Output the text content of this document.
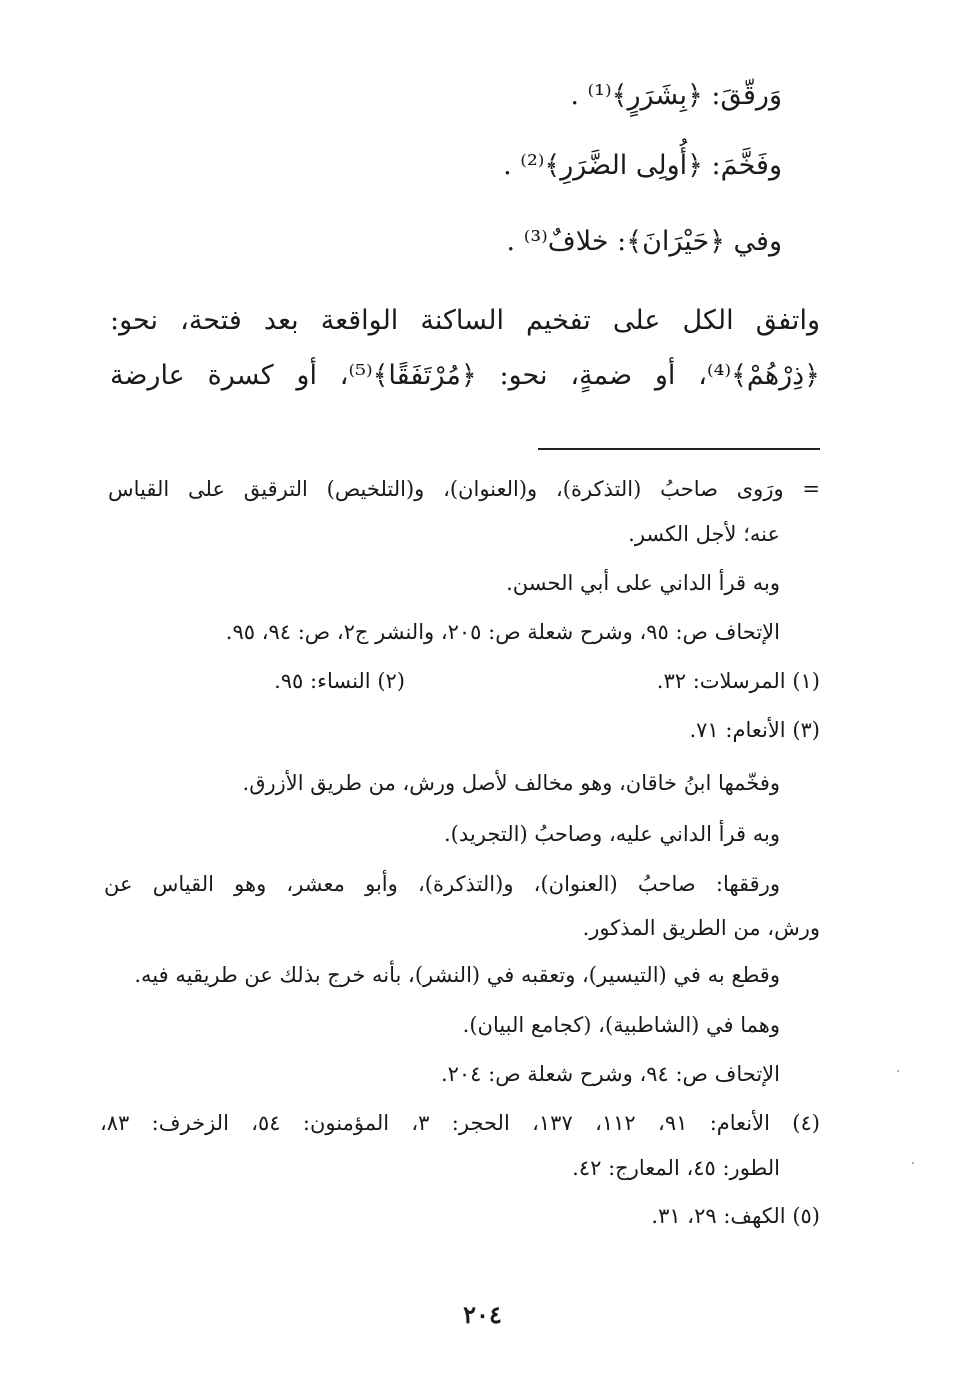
وَرقّقَ: ﴿بِشَرَرٍ﴾⁽¹⁾ .
وفَخَّمَ: ﴿أُولِى الضَّرَرِ﴾⁽²⁾ .
وفي ﴿حَيْرَانَ﴾: خلافٌ⁽³⁾ .
واتفق الكل على تفخيم الساكنة الواقعة بعد فتحة، نحو:
﴿ذِرْهُمْ﴾⁽⁴⁾، أو ضمةٍ، نحو: ﴿مُرْتَفَقًا﴾⁽⁵⁾، أو كسرة عارضة
= ورَوى صاحبُ (التذكرة)، و(العنوان)، و(التلخيص) الترقيق على القياس
عنه؛ لأجل الكسر.
وبه قرأ الداني على أبي الحسن.
الإتحاف ص: ٩٥، وشرح شعلة ص: ٢٠٥، والنشر ج٢، ص: ٩٤، ٩٥.
(١) المرسلات: ٣٢.
(٢) النساء: ٩٥.
(٣) الأنعام: ٧١.
وفخّمها ابنُ خاقان، وهو مخالف لأصل ورش، من طريق الأزرق.
وبه قرأ الداني عليه، وصاحبُ (التجريد).
ورققها: صاحبُ (العنوان)، و(التذكرة)، وأبو معشر، وهو القياس عن
ورش، من الطريق المذكور.
وقطع به في (التيسير)، وتعقبه في (النشر)، بأنه خرج بذلك عن طريقيه فيه.
وهما في (الشاطبية)، (كجامع البيان).
الإتحاف ص: ٩٤، وشرح شعلة ص: ٢٠٤.
(٤) الأنعام: ٩١، ١١٢، ١٣٧، الحجر: ٣، المؤمنون: ٥٤، الزخرف: ٨٣،
الطور: ٤٥، المعارج: ٤٢.
(٥) الكهف: ٢٩، ٣١.
٢٠٤
